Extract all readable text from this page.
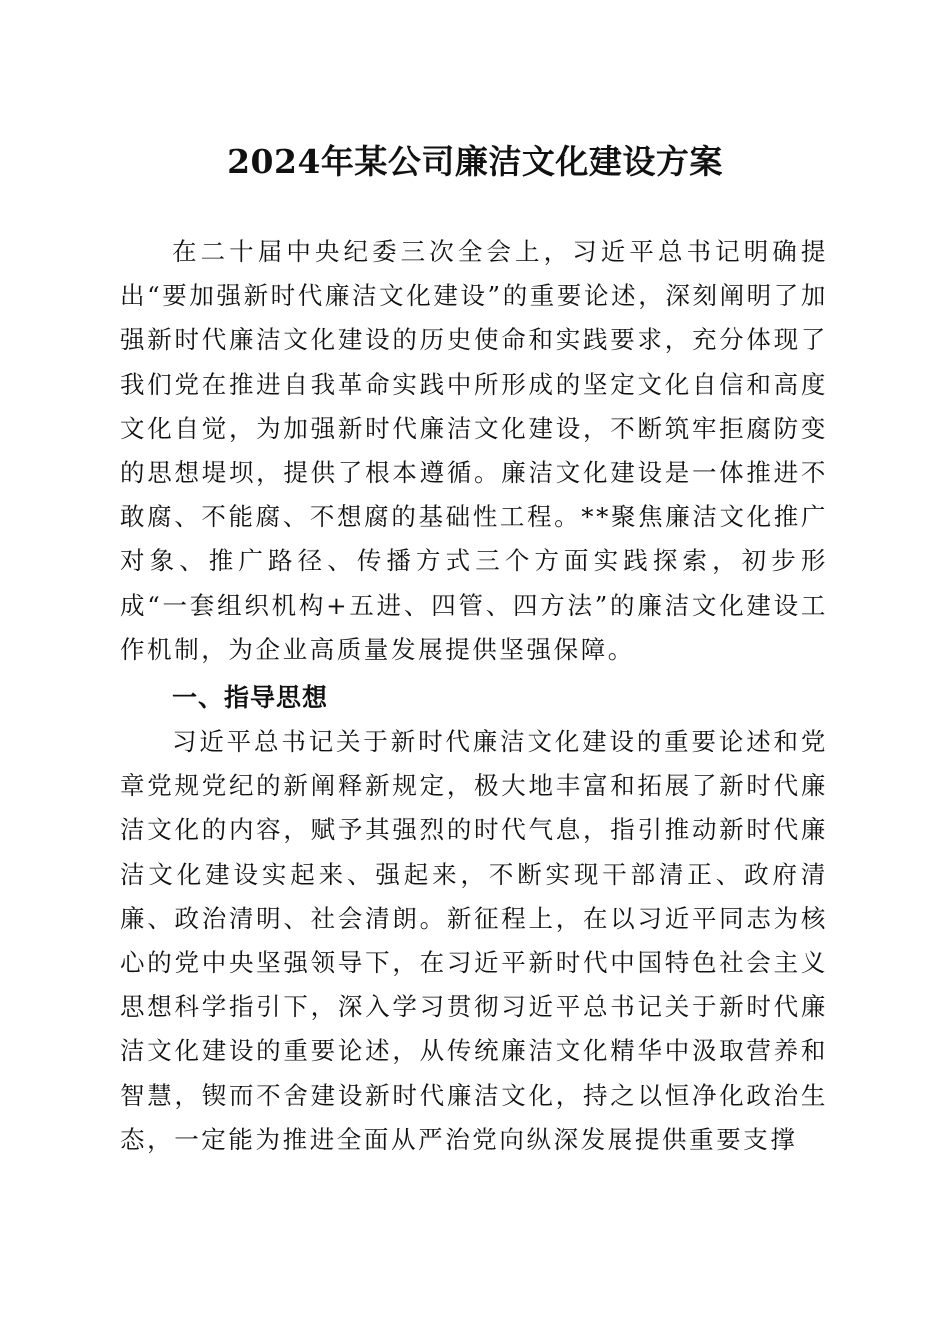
2024年某公司廉洁文化建设方案

在二十届中央纪委三次全会上，习近平总书记明确提出“要加强新时代廉洁文化建设”的重要论述，深刻阐明了加强新时代廉洁文化建设的历史使命和实践要求，充分体现了我们党在推进自我革命实践中所形成的坚定文化自信和高度文化自觉，为加强新时代廉洁文化建设，不断筑牢拒腐防变的思想堤坝，提供了根本遵循。廉洁文化建设是一体推进不敢腐、不能腐、不想腐的基础性工程。**聚焦廉洁文化推广对象、推广路径、传播方式三个方面实践探索，初步形成“一套组织机构+五进、四管、四方法”的廉洁文化建设工作机制，为企业高质量发展提供坚强保障。

一、指导思想

习近平总书记关于新时代廉洁文化建设的重要论述和党章党规党纪的新阐释新规定，极大地丰富和拓展了新时代廉洁文化的内容，赋予其强烈的时代气息，指引推动新时代廉洁文化建设实起来、强起来，不断实现干部清正、政府清廉、政治清明、社会清朗。新征程上，在以习近平同志为核心的党中央坚强领导下，在习近平新时代中国特色社会主义思想科学指引下，深入学习贯彻习近平总书记关于新时代廉洁文化建设的重要论述，从传统廉洁文化精华中汲取营养和智慧，锲而不舍建设新时代廉洁文化，持之以恒净化政治生态，一定能为推进全面从严治党向纵深发展提供重要支撑
